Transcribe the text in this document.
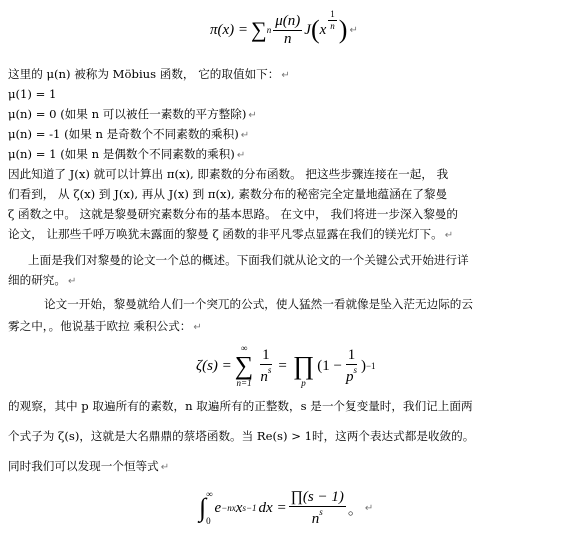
π(x) = ∑ n $\frac{\mu(n)}{n}$ J ( x $\frac{1}{n}$ ) ↵
这里的 μ(n) 被称为 Möbius 函数， 它的取值如下： ↵
μ(1) = 1
μ(n) = 0 (如果 n 可以被任一素数的平方整除) ↵
μ(n) = -1 (如果 n 是奇数个不同素数的乘积) ↵
μ(n) = 1 (如果 n 是偶数个不同素数的乘积) ↵
因此知道了 J(x) 就可以计算出 π(x), 即素数的分布函数。 把这些步骤连接在一起， 我
们看到， 从 ζ(x) 到 J(x), 再从 J(x) 到 π(x), 素数分布的秘密完全定量地蕴涵在了黎曼
ζ 函数之中。 这就是黎曼研究素数分布的基本思路。 在文中， 我们将进一步深入黎曼的
论文， 让那些千呼万唤犹未露面的黎曼 ζ 函数的非平凡零点显露在我们的镁光灯下。 ↵
上面是我们对黎曼的论文一个总的概述。下面我们就从论文的一个关键公式开始进行详
细的研究。 ↵
论文一开始，黎曼就给人们一个突兀的公式，使人猛然一看就像是坠入茫无边际的云
雾之中，。他说基于欧拉 乘积公式： ↵
ζ(s) =
∞
∑
$n=1 \frac{1}{n^s}$ = ∏
p
($1 - \frac{1}{p^s}$ ) −1
的观察，其中 p 取遍所有的素数，n 取遍所有的正整数，s 是一个复变量时，我们记上面两
个式子为 ζ(s)，这就是大名鼎鼎的蔡塔函数。当 Re(s) > 1时，这两个表达式都是收敛的。
同时我们可以发现一个恒等式 ↵
∫ ∞
0
e −nx x s−1 dx = $\frac{\prod(s - 1)}{n^s}$ 。 ↵
